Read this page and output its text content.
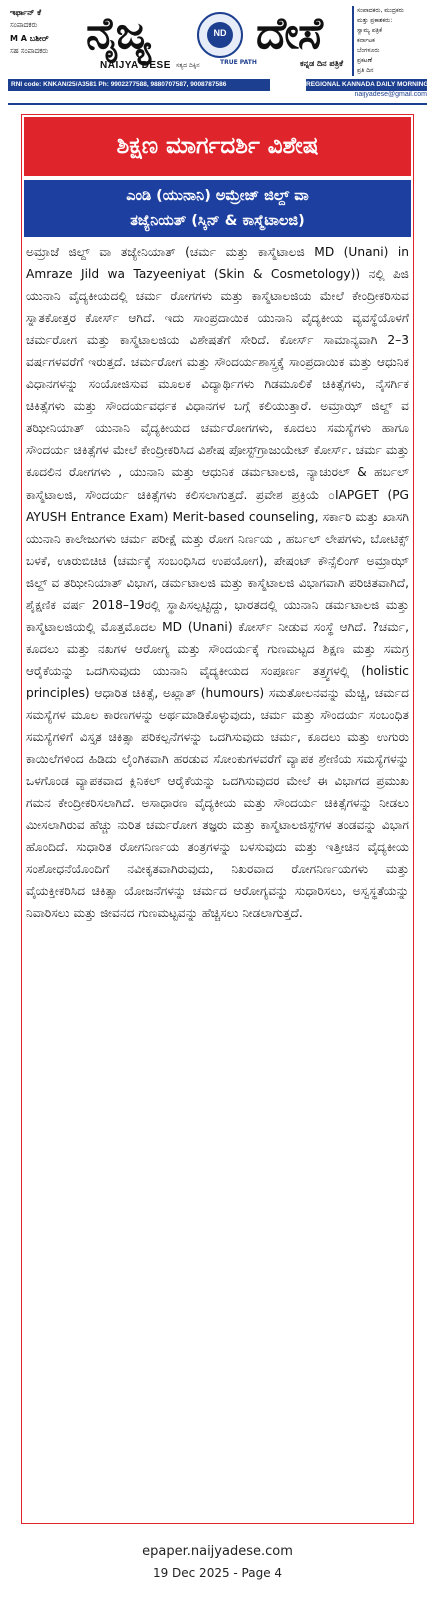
ಇರ್ಫಾನ್ ಕೆ
ಸಂಪಾದಕರು
M A ಬಶೀರ್
ಸಹ ಸಂಪಾದಕರು ನೈಜ್ಯ	ND ದೇಸೆ
NAIJYA DESE ಸತ್ಯದ ದಿಕ್ಕಿನ	TRUE PATH	ಕನ್ನಡ ದಿನ ಪತ್ರಿಕೆ
ಸಂಪಾದಕರು, ಮುದ್ರಕರು
ಮತ್ತು ಪ್ರಕಾಶಕರು:
ಸ್ವಾಮ್ಯ ಪತ್ರಿಕೆ
ಕರ್ನಾಟಕ
ಬೆಂಗಳೂರು
ಪ್ರಕಟಣೆ
ಪ್ರತಿ ದಿನ
RNI code: KNKAN/25/A3581 Ph: 9902277588, 9880707587, 9008787586	REGIONAL KANNADA DAILY MORNING
naijyadese@gmail.com
ಶಿಕ್ಷಣ ಮಾರ್ಗದರ್ಶಿ ವಿಶೇಷ
ಎಂಡಿ (ಯುನಾನಿ) ಅಮ್ರೇಜ್ ಜಿಲ್ದ್ ವಾ
ತಜ್ಯೆನಿಯತ್ (ಸ್ಕಿನ್ & ಕಾಸ್ಮೆಟಾಲಜಿ)

ಅಮ್ರಾಜೆ ಜಿಲ್ದ್ ವಾ ತಜ್ಯೇನಿಯಾತ್ (ಚರ್ಮ ಮತ್ತು ಕಾಸ್ಮೆಟಾಲಜಿ MD (Unani) in Amraze Jild wa Tazyeeniyat (Skin & Cosmetology)) ನಲ್ಲಿ ಪಿಜಿ ಯುನಾನಿ ವೈದ್ಯಕೀಯದಲ್ಲಿ ಚರ್ಮ ರೋಗಗಳು ಮತ್ತು ಕಾಸ್ಮೆಟಾಲಜಿಯ ಮೇಲೆ ಕೇಂದ್ರೀಕರಿಸುವ ಸ್ನಾತಕೋತ್ತರ ಕೋರ್ಸ್ ಆಗಿದೆ. ಇದು ಸಾಂಪ್ರದಾಯಿಕ ಯುನಾನಿ ವೈದ್ಯಕೀಯ ವ್ಯವಸ್ಥೆಯೊಳಗೆ ಚರ್ಮರೋಗ ಮತ್ತು ಕಾಸ್ಮೆಟಾಲಜಿಯ ವಿಶೇಷತೆಗೆ ಸೇರಿದೆ. ಕೋರ್ಸ್ ಸಾಮಾನ್ಯವಾಗಿ 2–3 ವರ್ಷಗಳವರೆಗೆ ಇರುತ್ತದೆ. ಚರ್ಮರೋಗ ಮತ್ತು ಸೌಂದರ್ಯಶಾಸ್ತ್ರಕ್ಕೆ ಸಾಂಪ್ರದಾಯಿಕ ಮತ್ತು ಆಧುನಿಕ ವಿಧಾನಗಳನ್ನು ಸಂಯೋಜಿಸುವ ಮೂಲಕ ವಿದ್ಯಾರ್ಥಿಗಳು ಗಿಡಮೂಲಿಕೆ ಚಿಕಿತ್ಸೆಗಳು, ನೈಸರ್ಗಿಕ ಚಿಕಿತ್ಸೆಗಳು ಮತ್ತು ಸೌಂದರ್ಯವರ್ಧಕ ವಿಧಾನಗಳ ಬಗ್ಗೆ ಕಲಿಯುತ್ತಾರೆ. ಅಮ್ರಾಝ್ ಜಿಲ್ದ್ ವ ತಝೀನಿಯಾತ್ ಯುನಾನಿ ವೈದ್ಯಕೀಯದ ಚರ್ಮರೋಗಗಳು, ಕೂದಲು ಸಮಸ್ಯೆಗಳು ಹಾಗೂ ಸೌಂದರ್ಯ ಚಿಕಿತ್ಸೆಗಳ ಮೇಲೆ ಕೇಂದ್ರೀಕರಿಸಿದ ವಿಶೇಷ ಪೋಸ್ಟ್‌ಗ್ರಾಜುಯೇಟ್ ಕೋರ್ಸ್. ಚರ್ಮ ಮತ್ತು ಕೂದಲಿನ ರೋಗಗಳು , ಯುನಾನಿ ಮತ್ತು ಆಧುನಿಕ ಡರ್ಮಟಾಲಜಿ, ನ್ಯಾಚುರಲ್ & ಹರ್ಬಲ್ ಕಾಸ್ಮೆಟಾಲಜಿ, ಸೌಂದರ್ಯ ಚಿಕಿತ್ಸೆಗಳು ಕಲಿಸಲಾಗುತ್ತದೆ. ಪ್ರವೇಶ ಪ್ರಕ್ರಿಯೆ ೦IAPGET (PG AYUSH Entrance Exam) Merit-based counseling, ಸರ್ಕಾರಿ ಮತ್ತು ಖಾಸಗಿ ಯುನಾನಿ ಕಾಲೇಜುಗಳು ಚರ್ಮ ಪರೀಕ್ಷೆ ಮತ್ತು ರೋಗ ನಿರ್ಣಯ , ಹರ್ಬಲ್ ಲೇಪಗಳು, ಬೋಟಿಕ್ಸ್ ಬಳಕೆ, ಊರುಬಿಚಿಚಿ (ಚರ್ಮಕ್ಕೆ ಸಂಬಂಧಿಸಿದ ಉಪಯೋಗ), ಪೇಷಂಟ್ ಕೌನ್ಸೆಲಿಂಗ್ ಅಮ್ರಾಝ್ ಜಿಲ್ದ್ ವ ತಝೀನಿಯಾತ್ ವಿಭಾಗ, ಡರ್ಮಟಾಲಜಿ ಮತ್ತು ಕಾಸ್ಮೆಟಾಲಜಿ ವಿಭಾಗವಾಗಿ ಪರಿಚಿತವಾಗಿದೆ, ಶೈಕ್ಷಣಿಕ ವರ್ಷ 2018–19ರಲ್ಲಿ ಸ್ಥಾಪಿಸಲ್ಪಟ್ಟಿದ್ದು, ಭಾರತದಲ್ಲಿ ಯುನಾನಿ ಡರ್ಮಟಾಲಜಿ ಮತ್ತು ಕಾಸ್ಮೆಟಾಲಜಿಯಲ್ಲಿ ಮೊತ್ತಮೊದಲ MD (Unani) ಕೋರ್ಸ್ ನೀಡುವ ಸಂಸ್ಥೆ ಆಗಿದೆ. ?ಚರ್ಮ, ಕೂದಲು ಮತ್ತು ನಖಗಳ ಆರೋಗ್ಯ ಮತ್ತು ಸೌಂದರ್ಯಕ್ಕೆ ಗುಣಮಟ್ಟದ ಶಿಕ್ಷಣ ಮತ್ತು ಸಮಗ್ರ ಆರೈಕೆಯನ್ನು ಒದಗಿಸುವುದು ಯುನಾನಿ ವೈದ್ಯಕೀಯದ ಸಂಪೂರ್ಣ ತತ್ತ್ವಗಳಲ್ಲಿ (holistic principles) ಆಧಾರಿತ ಚಿಕಿತ್ಸೆ, ಅಖ್ಲಾತ್ (humours) ಸಮತೋಲನವನ್ನು ಮೆಚ್ಚಿ, ಚರ್ಮದ ಸಮಸ್ಯೆಗಳ ಮೂಲ ಕಾರಣಗಳನ್ನು ಅರ್ಥಮಾಡಿಕೊಳ್ಳುವುದು, ಚರ್ಮ ಮತ್ತು ಸೌಂದರ್ಯ ಸಂಬಂಧಿತ ಸಮಸ್ಯೆಗಳಿಗೆ ವಿಸ್ತೃತ ಚಿಕಿತ್ಸಾ ಪರಿಕಲ್ಪನೆಗಳನ್ನು ಒದಗಿಸುವುದು ಚರ್ಮ, ಕೂದಲು ಮತ್ತು ಉಗುರು ಕಾಯಿಲೆಗಳಿಂದ ಹಿಡಿದು ಲೈಂಗಿಕವಾಗಿ ಹರಡುವ ಸೋಂಕುಗಳವರೆಗೆ ವ್ಯಾಪಕ ಶ್ರೇಣಿಯ ಸಮಸ್ಯೆಗಳನ್ನು ಒಳಗೊಂಡ ವ್ಯಾಪಕವಾದ ಕ್ಲಿನಿಕಲ್ ಆರೈಕೆಯನ್ನು ಒದಗಿಸುವುದರ ಮೇಲೆ ಈ ವಿಭಾಗದ ಪ್ರಮುಖ ಗಮನ ಕೇಂದ್ರೀಕರಿಸಲಾಗಿದೆ. ಅಸಾಧಾರಣ ವೈದ್ಯಕೀಯ ಮತ್ತು ಸೌಂದರ್ಯ ಚಿಕಿತ್ಸೆಗಳನ್ನು ನೀಡಲು ಮೀಸಲಾಗಿರುವ ಹೆಚ್ಚು ನುರಿತ ಚರ್ಮರೋಗ ತಜ್ಞರು ಮತ್ತು ಕಾಸ್ಮೆಟಾಲಜಿಸ್ಟ್‌ಗಳ ತಂಡವನ್ನು ವಿಭಾಗ ಹೊಂದಿದೆ. ಸುಧಾರಿತ ರೋಗನಿರ್ಣಯ ತಂತ್ರಗಳನ್ನು ಬಳಸುವುದು ಮತ್ತು ಇತ್ತೀಚಿನ ವೈದ್ಯಕೀಯ ಸಂಶೋಧನೆಯೊಂದಿಗೆ ನವೀಕೃತವಾಗಿರುವುದು, ನಿಖರವಾದ ರೋಗನಿರ್ಣಯಗಳು ಮತ್ತು ವೈಯಕ್ತೀಕರಿಸಿದ ಚಿಕಿತ್ಸಾ ಯೋಜನೆಗಳನ್ನು ಚರ್ಮದ ಆರೋಗ್ಯವನ್ನು ಸುಧಾರಿಸಲು, ಅಸ್ವಸ್ಥತೆಯನ್ನು ನಿವಾರಿಸಲು ಮತ್ತು ಜೀವನದ ಗುಣಮಟ್ಟವನ್ನು ಹೆಚ್ಚಿಸಲು ನೀಡಲಾಗುತ್ತದೆ.

epaper.naijyadese.com
19 Dec 2025 - Page 4
